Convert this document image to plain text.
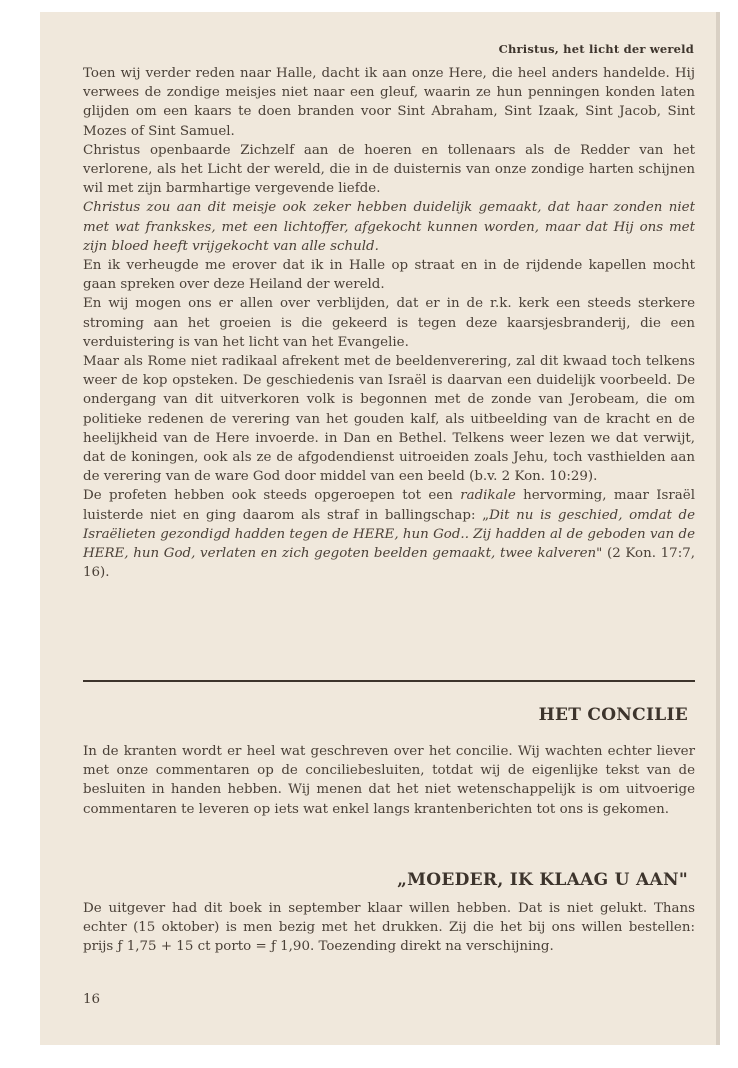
Christus, het licht der wereld

Toen wij verder reden naar Halle, dacht ik aan onze Here, die heel anders handelde. Hij verwees de zondige meisjes niet naar een gleuf, waarin ze hun penningen konden laten glijden om een kaars te doen branden voor Sint Abraham, Sint Izaak, Sint Jacob, Sint Mozes of Sint Samuel.

Christus openbaarde Zichzelf aan de hoeren en tollenaars als de Redder van het verlorene, als het Licht der wereld, die in de duisternis van onze zondige harten schijnen wil met zijn barmhartige vergevende liefde.

Christus zou aan dit meisje ook zeker hebben duidelijk gemaakt, dat haar zonden niet met wat frankskes, met een lichtoffer, afgekocht kunnen worden, maar dat Hij ons met zijn bloed heeft vrijgekocht van alle schuld.

En ik verheugde me erover dat ik in Halle op straat en in de rijdende kapellen mocht gaan spreken over deze Heiland der wereld.

En wij mogen ons er allen over verblijden, dat er in de r.k. kerk een steeds sterkere stroming aan het groeien is die gekeerd is tegen deze kaarsjesbranderij, die een verduistering is van het licht van het Evangelie.

Maar als Rome niet radikaal afrekent met de beeldenverering, zal dit kwaad toch telkens weer de kop opsteken. De geschiedenis van Israël is daarvan een duidelijk voorbeeld. De ondergang van dit uitverkoren volk is begonnen met de zonde van Jerobeam, die om politieke redenen de verering van het gouden kalf, als uitbeelding van de kracht en de heelijkheid van de Here invoerde. in Dan en Bethel. Telkens weer lezen we dat verwijt, dat de koningen, ook als ze de afgodendienst uitroeiden zoals Jehu, toch vasthielden aan de verering van de ware God door middel van een beeld (b.v. 2 Kon. 10:29).

De profeten hebben ook steeds opgeroepen tot een radikale hervorming, maar Israël luisterde niet en ging daarom als straf in ballingschap: „Dit nu is geschied, omdat de Israëlieten gezondigd hadden tegen de HERE, hun God.. Zij hadden al de geboden van de HERE, hun God, verlaten en zich gegoten beelden gemaakt, twee kalveren" (2 Kon. 17:7, 16).

HET CONCILIE
In de kranten wordt er heel wat geschreven over het concilie. Wij wachten echter liever met onze commentaren op de conciliebesluiten, totdat wij de eigenlijke tekst van de besluiten in handen hebben. Wij menen dat het niet wetenschappelijk is om uitvoerige commentaren te leveren op iets wat enkel langs krantenberichten tot ons is gekomen.
„MOEDER, IK KLAAG U AAN"
De uitgever had dit boek in september klaar willen hebben. Dat is niet gelukt. Thans echter (15 oktober) is men bezig met het drukken. Zij die het bij ons willen bestellen: prijs ƒ 1,75 + 15 ct porto = ƒ 1,90. Toezending direkt na verschijning.
16
